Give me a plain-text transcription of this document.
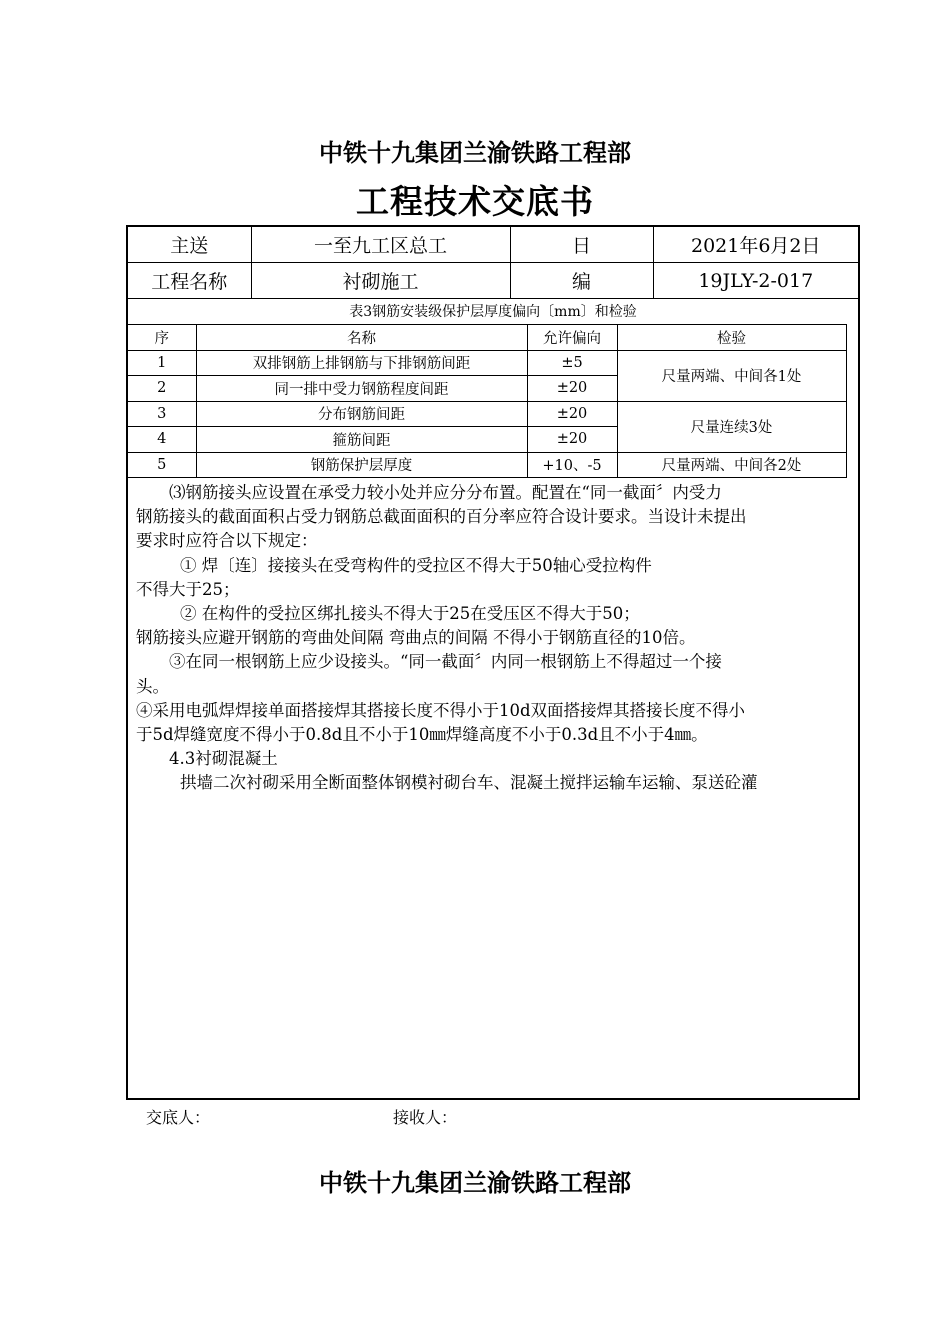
中铁十九集团兰渝铁路工程部
工程技术交底书
主送	一至九工区总工	日	2021年6月2日
工程名称	衬砌施工	编	19JLY-2-017
表3钢筋安装级保护层厚度偏向〔mm〕和检验
序	名称	允许偏向	检验
1	双排钢筋上排钢筋与下排钢筋间距	±5	尺量两端、中间各1处
2	同一排中受力钢筋程度间距	±20	
3	分布钢筋间距	±20	尺量连续3处
4	箍筋间距	±20	
5	钢筋保护层厚度	+10、-5	尺量两端、中间各2处

⑶钢筋接头应设置在承受力较小处并应分分布置。配置在“同一截面〞内受力

钢筋接头的截面面积占受力钢筋总截面面积的百分率应符合设计要求。当设计未提出

要求时应符合以下规定：

① 焊〔连〕接接头在受弯构件的受拉区不得大于50轴心受拉构件

不得大于25；

② 在构件的受拉区绑扎接头不得大于25在受压区不得大于50；

钢筋接头应避开钢筋的弯曲处间隔 弯曲点的间隔 不得小于钢筋直径的10倍。

③在同一根钢筋上应少设接头。“同一截面〞内同一根钢筋上不得超过一个接

头。

④采用电弧焊焊接单面搭接焊其搭接长度不得小于10d双面搭接焊其搭接长度不得小

于5d焊缝宽度不得小于0.8d且不小于10㎜焊缝高度不小于0.3d且不小于4㎜。

4.3衬砌混凝土

拱墙二次衬砌采用全断面整体钢模衬砌台车、混凝土搅拌运输车运输、泵送砼灌

交底人：	接收人：
中铁十九集团兰渝铁路工程部
